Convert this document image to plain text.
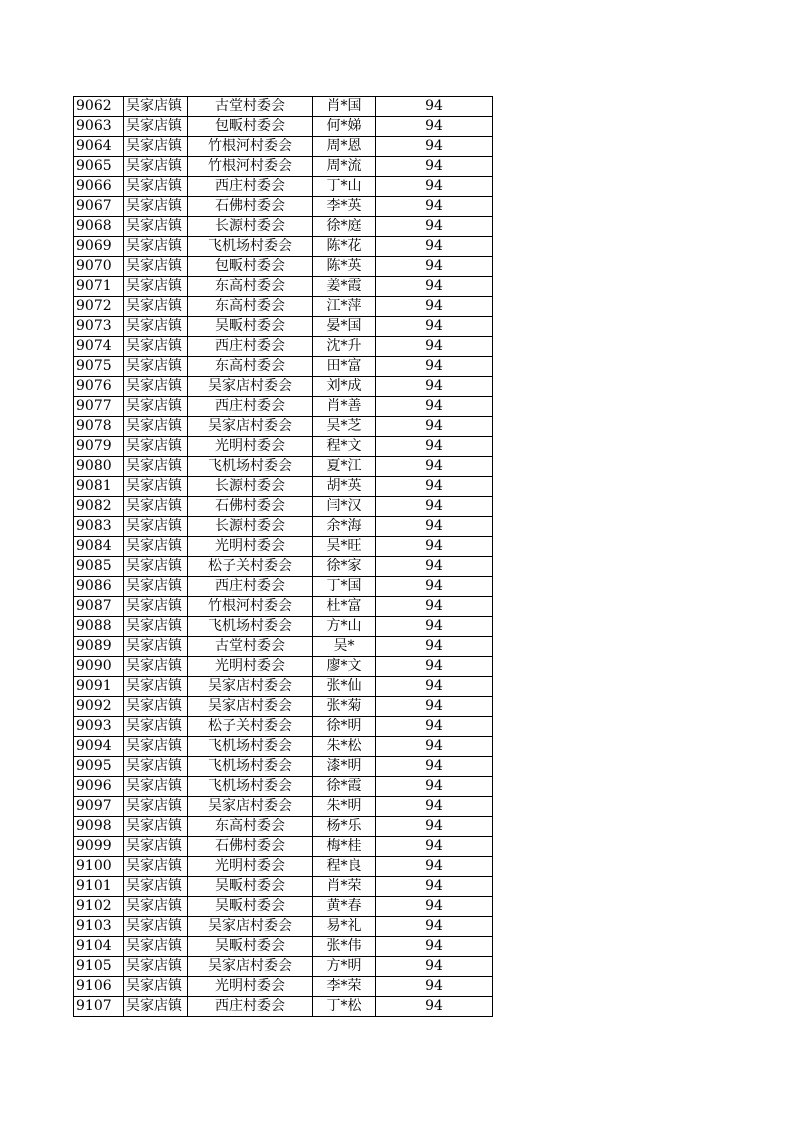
9062	吴家店镇	古堂村委会	肖*国	94
9063	吴家店镇	包畈村委会	何*娣	94
9064	吴家店镇	竹根河村委会	周*恩	94
9065	吴家店镇	竹根河村委会	周*流	94
9066	吴家店镇	西庄村委会	丁*山	94
9067	吴家店镇	石佛村委会	李*英	94
9068	吴家店镇	长源村委会	徐*庭	94
9069	吴家店镇	飞机场村委会	陈*花	94
9070	吴家店镇	包畈村委会	陈*英	94
9071	吴家店镇	东高村委会	姜*霞	94
9072	吴家店镇	东高村委会	江*萍	94
9073	吴家店镇	吴畈村委会	晏*国	94
9074	吴家店镇	西庄村委会	沈*升	94
9075	吴家店镇	东高村委会	田*富	94
9076	吴家店镇	吴家店村委会	刘*成	94
9077	吴家店镇	西庄村委会	肖*善	94
9078	吴家店镇	吴家店村委会	吴*芝	94
9079	吴家店镇	光明村委会	程*文	94
9080	吴家店镇	飞机场村委会	夏*江	94
9081	吴家店镇	长源村委会	胡*英	94
9082	吴家店镇	石佛村委会	闫*汉	94
9083	吴家店镇	长源村委会	余*海	94
9084	吴家店镇	光明村委会	吴*旺	94
9085	吴家店镇	松子关村委会	徐*家	94
9086	吴家店镇	西庄村委会	丁*国	94
9087	吴家店镇	竹根河村委会	杜*富	94
9088	吴家店镇	飞机场村委会	方*山	94
9089	吴家店镇	古堂村委会	吴*	94
9090	吴家店镇	光明村委会	廖*文	94
9091	吴家店镇	吴家店村委会	张*仙	94
9092	吴家店镇	吴家店村委会	张*菊	94
9093	吴家店镇	松子关村委会	徐*明	94
9094	吴家店镇	飞机场村委会	朱*松	94
9095	吴家店镇	飞机场村委会	漆*明	94
9096	吴家店镇	飞机场村委会	徐*霞	94
9097	吴家店镇	吴家店村委会	朱*明	94
9098	吴家店镇	东高村委会	杨*乐	94
9099	吴家店镇	石佛村委会	梅*桂	94
9100	吴家店镇	光明村委会	程*良	94
9101	吴家店镇	吴畈村委会	肖*荣	94
9102	吴家店镇	吴畈村委会	黄*春	94
9103	吴家店镇	吴家店村委会	易*礼	94
9104	吴家店镇	吴畈村委会	张*伟	94
9105	吴家店镇	吴家店村委会	方*明	94
9106	吴家店镇	光明村委会	李*荣	94
9107	吴家店镇	西庄村委会	丁*松	94
